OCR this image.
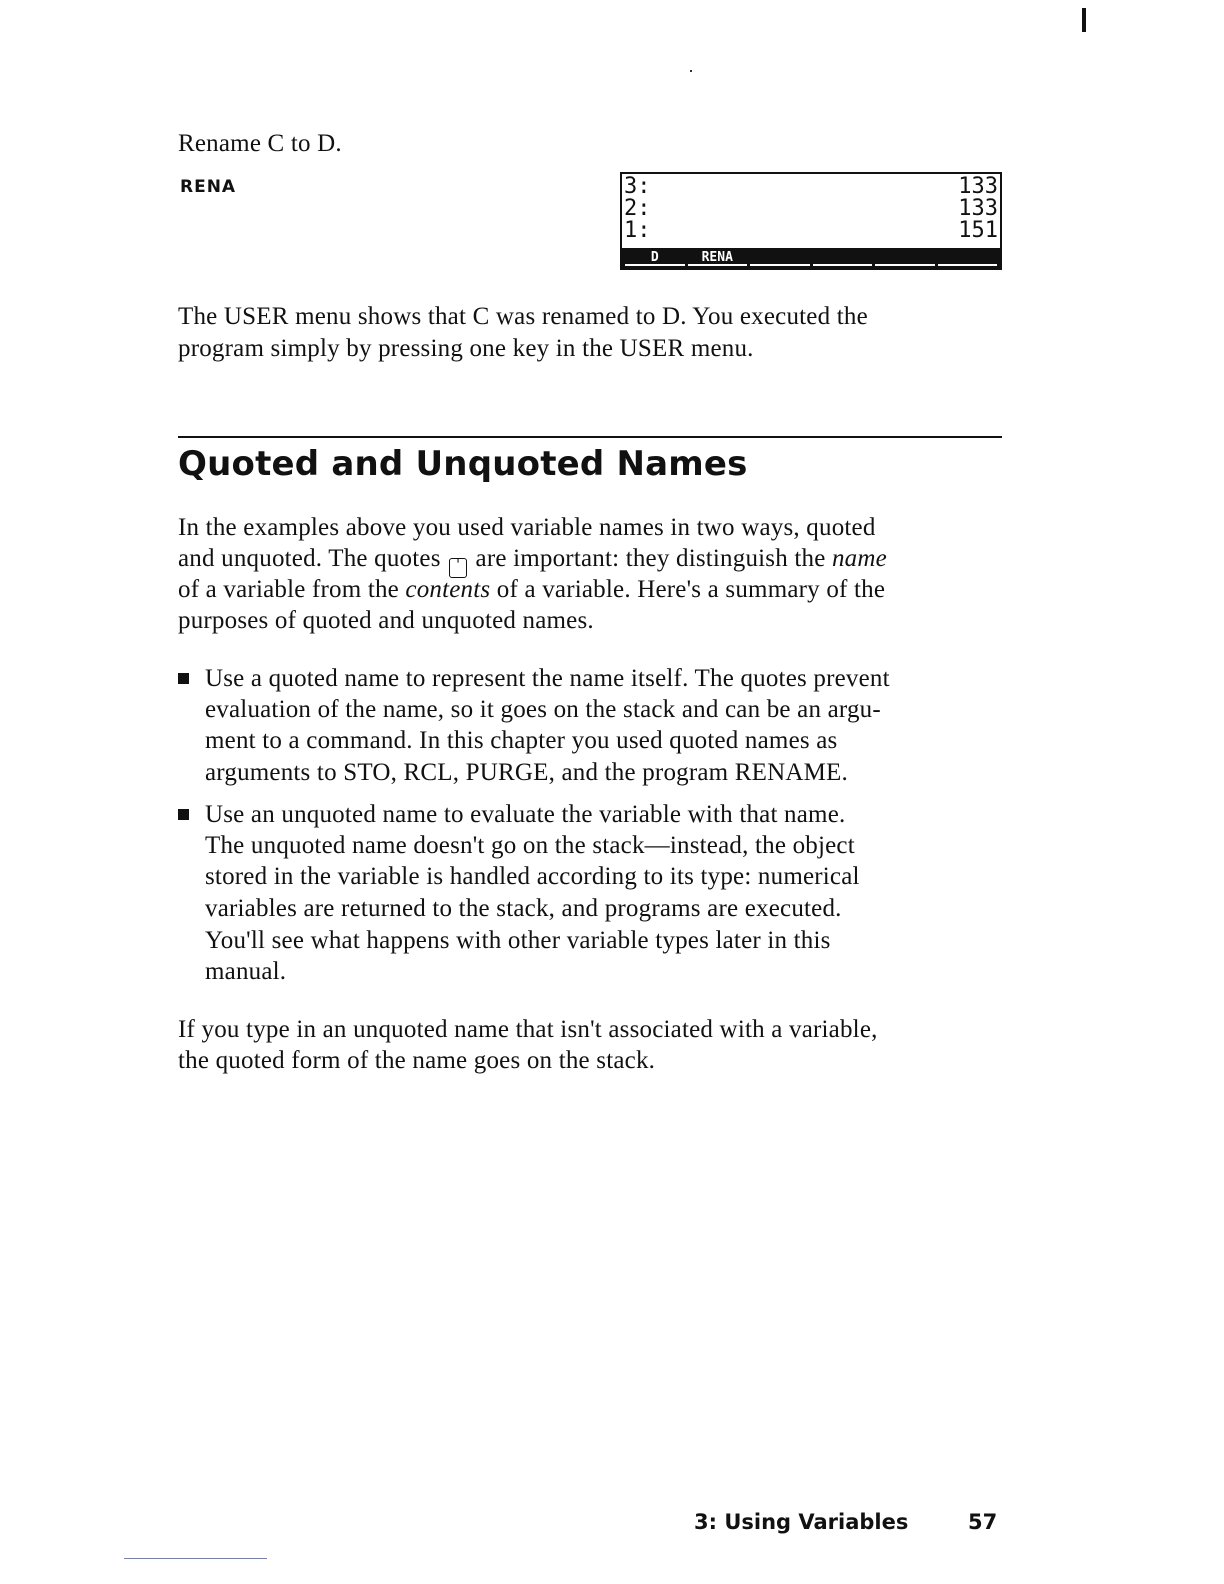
Rename C to D.
RENA	3:	133
2:	133
1:	151
D	RENA
The USER menu shows that C was renamed to D. You executed the
program simply by pressing one key in the USER menu.
Quoted and Unquoted Names
In the examples above you used variable names in two ways, quoted
and unquoted. The quotes ' are important: they distinguish the name
of a variable from the contents of a variable. Here's a summary of the
purposes of quoted and unquoted names.
Use a quoted name to represent the name itself. The quotes prevent
evaluation of the name, so it goes on the stack and can be an argu-
ment to a command. In this chapter you used quoted names as
arguments to STO, RCL, PURGE, and the program RENAME.
Use an unquoted name to evaluate the variable with that name.
The unquoted name doesn't go on the stack—instead, the object
stored in the variable is handled according to its type: numerical
variables are returned to the stack, and programs are executed.
You'll see what happens with other variable types later in this
manual.
If you type in an unquoted name that isn't associated with a variable,
the quoted form of the name goes on the stack.
3: Using Variables	57
